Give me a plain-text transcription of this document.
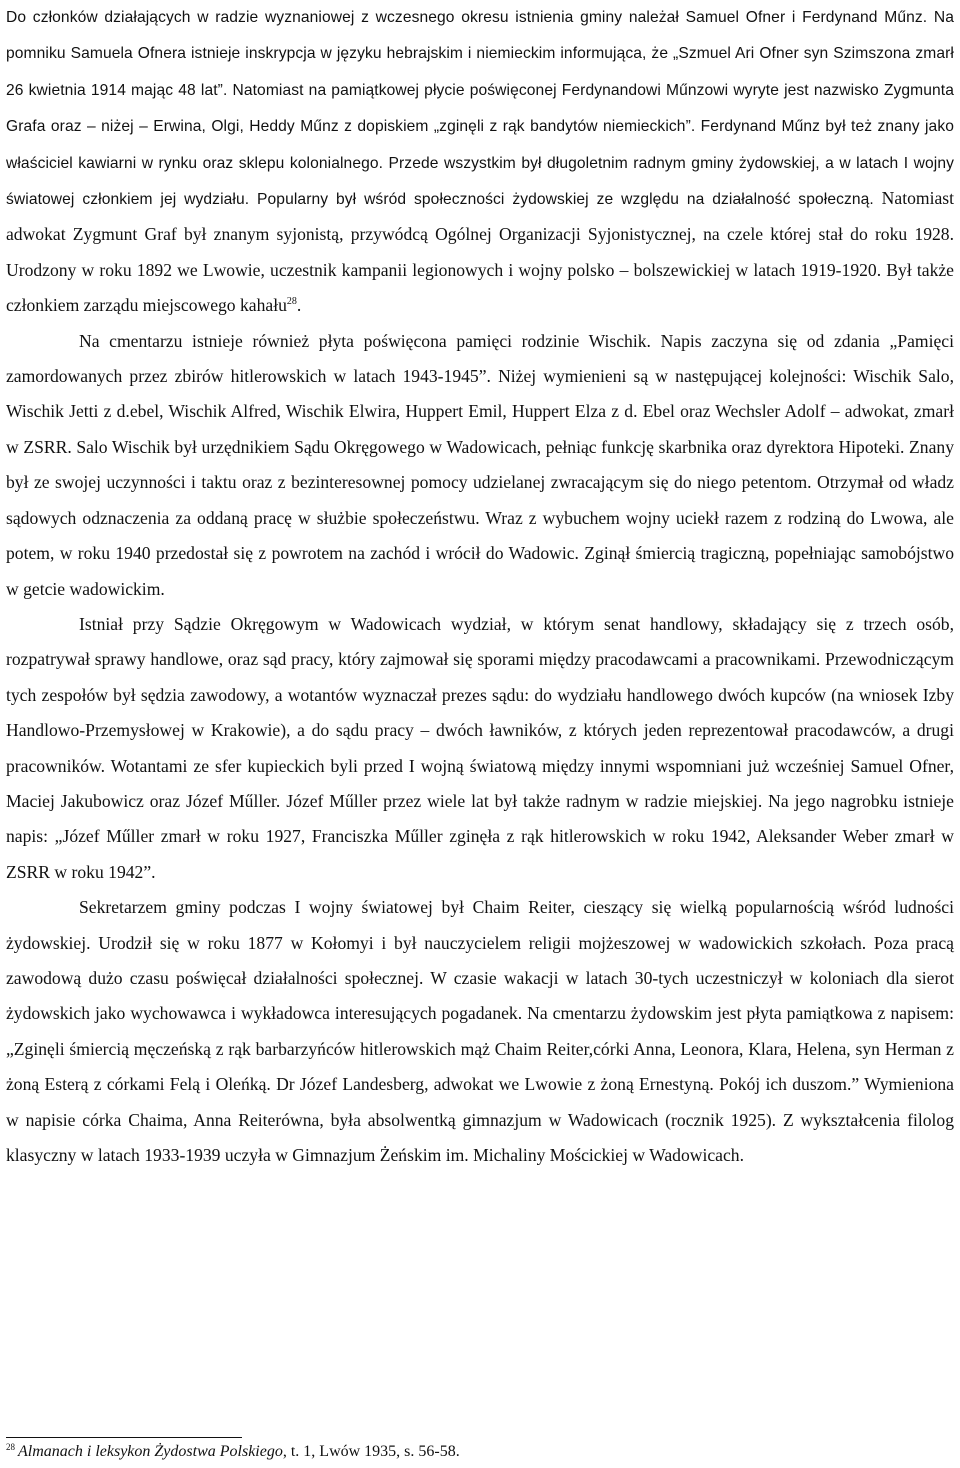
Do członków działających w radzie wyznaniowej z wczesnego okresu istnienia gminy należał Samuel Ofner i Ferdynand Műnz. Na pomniku Samuela Ofnera istnieje inskrypcja w języku hebrajskim i niemieckim informująca, że „Szmuel Ari Ofner syn Szimszona zmarł 26 kwietnia 1914 mając 48 lat”. Natomiast na pamiątkowej płycie poświęconej Ferdynandowi Műnzowi wyryte jest nazwisko Zygmunta Grafa oraz – niżej – Erwina, Olgi, Heddy Műnz z dopiskiem „zginęli z rąk bandytów niemieckich”. Ferdynand Műnz był też znany jako właściciel kawiarni w rynku oraz sklepu kolonialnego. Przede wszystkim był długoletnim radnym gminy żydowskiej, a w latach I wojny światowej członkiem jej wydziału. Popularny był wśród społeczności żydowskiej ze względu na działalność społeczną. Natomiast adwokat Zygmunt Graf był znanym syjonistą, przywódcą Ogólnej Organizacji Syjonistycznej, na czele której stał do roku 1928. Urodzony w roku 1892 we Lwowie, uczestnik kampanii legionowych i wojny polsko – bolszewickiej w latach 1919-1920. Był także członkiem zarządu miejscowego kahału$^{28}$.

Na cmentarzu istnieje również płyta poświęcona pamięci rodzinie Wischik. Napis zaczyna się od zdania „Pamięci zamordowanych przez zbirów hitlerowskich w latach 1943-1945”. Niżej wymienieni są w następującej kolejności: Wischik Salo, Wischik Jetti z d.ebel, Wischik Alfred, Wischik Elwira, Huppert Emil, Huppert Elza z d. Ebel oraz Wechsler Adolf – adwokat, zmarł w ZSRR. Salo Wischik był urzędnikiem Sądu Okręgowego w Wadowicach, pełniąc funkcję skarbnika oraz dyrektora Hipoteki. Znany był ze swojej uczynności i taktu oraz z bezinteresownej pomocy udzielanej zwracającym się do niego petentom. Otrzymał od władz sądowych odznaczenia za oddaną pracę w służbie społeczeństwu. Wraz z wybuchem wojny uciekł razem z rodziną do Lwowa, ale potem, w roku 1940 przedostał się z powrotem na zachód i wrócił do Wadowic. Zginął śmiercią tragiczną, popełniając samobójstwo w getcie wadowickim.

Istniał przy Sądzie Okręgowym w Wadowicach wydział, w którym senat handlowy, składający się z trzech osób, rozpatrywał sprawy handlowe, oraz sąd pracy, który zajmował się sporami między pracodawcami a pracownikami. Przewodniczącym tych zespołów był sędzia zawodowy, a wotantów wyznaczał prezes sądu: do wydziału handlowego dwóch kupców (na wniosek Izby Handlowo-Przemysłowej w Krakowie), a do sądu pracy – dwóch ławników, z których jeden reprezentował pracodawców, a drugi pracowników. Wotantami ze sfer kupieckich byli przed I wojną światową między innymi wspomniani już wcześniej Samuel Ofner, Maciej Jakubowicz oraz Józef Műller. Józef Műller przez wiele lat był także radnym w radzie miejskiej. Na jego nagrobku istnieje napis: „Józef Műller zmarł w roku 1927, Franciszka Műller zginęła z rąk hitlerowskich w roku 1942, Aleksander Weber zmarł w ZSRR w roku 1942”.

Sekretarzem gminy podczas I wojny światowej był Chaim Reiter, cieszący się wielką popularnością wśród ludności żydowskiej. Urodził się w roku 1877 w Kołomyi i był nauczycielem religii mojżeszowej w wadowickich szkołach. Poza pracą zawodową dużo czasu poświęcał działalności społecznej. W czasie wakacji w latach 30-tych uczestniczył w koloniach dla sierot żydowskich jako wychowawca i wykładowca interesujących pogadanek. Na cmentarzu żydowskim jest płyta pamiątkowa z napisem: „Zginęli śmiercią męczeńską z rąk barbarzyńców hitlerowskich mąż Chaim Reiter,córki Anna, Leonora, Klara, Helena, syn Herman z żoną Esterą z córkami Felą i Oleńką. Dr Józef Landesberg, adwokat we Lwowie z żoną Ernestyną. Pokój ich duszom.” Wymieniona w napisie córka Chaima, Anna Reiterówna, była absolwentką gimnazjum w Wadowicach (rocznik 1925). Z wykształcenia filolog klasyczny w latach 1933-1939 uczyła w Gimnazjum Żeńskim im. Michaliny Mościckiej w Wadowicach.

$^{28}$ Almanach i leksykon Żydostwa Polskiego, t. 1, Lwów 1935, s. 56-58.
